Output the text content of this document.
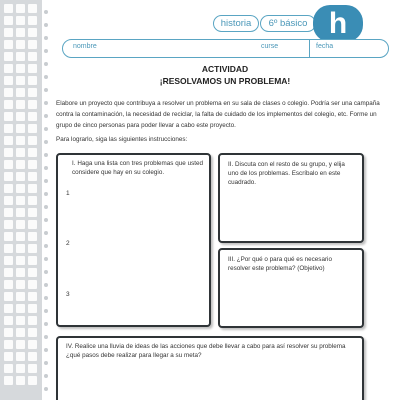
historia	6º básico h
nombre	curse	fecha
ACTIVIDAD
¡RESOLVAMOS UN PROBLEMA!

Elabore un proyecto que contribuya a resolver un problema en su sala de clases o colegio. Podría ser una campaña contra la contaminación, la necesidad de reciclar, la falta de cuidado de los implementos del colegio, etc. Forme un grupo de cinco personas para poder llevar a cabo este proyecto.

Para lograrlo, siga las siguientes instrucciones:

I. Haga una lista con tres problemas que usted considere que hay en su colegio.
1
2
3
II. Discuta con el resto de su grupo, y elija uno de los problemas. Escríbalo en este cuadrado.
III. ¿Por qué o para qué es necesario resolver este problema? (Objetivo)
IV. Realice una lluvia de ideas de las acciones que debe llevar a cabo para así resolver su problema ¿qué pasos debe realizar para llegar a su meta?
